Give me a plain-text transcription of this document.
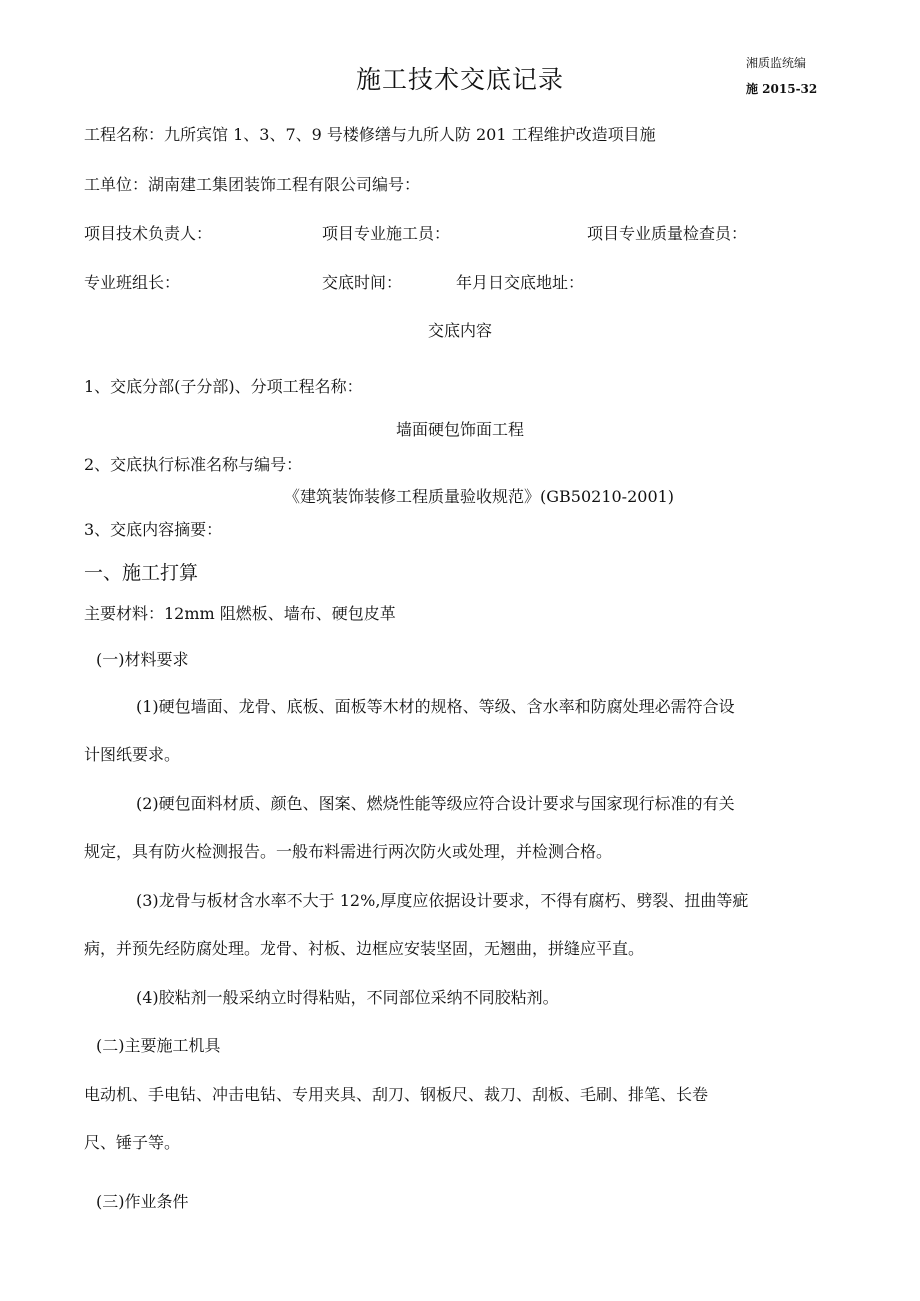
施工技术交底记录
湘质监统编
施 2015-32
工程名称：九所宾馆 1、3、7、9 号楼修缮与九所人防 201 工程维护改造项目施
工单位：湖南建工集团装饰工程有限公司编号：
项目技术负责人：	项目专业施工员：	项目专业质量检查员：
专业班组长：	交底时间：	年月日交底地址：
交底内容
1、交底分部(子分部)、分项工程名称：
墙面硬包饰面工程
2、交底执行标准名称与编号：
《建筑装饰装修工程质量验收规范》(GB50210-2001)
3、交底内容摘要：
一、施工打算
主要材料：12mm 阻燃板、墙布、硬包皮革
(一)材料要求
(1)硬包墙面、龙骨、底板、面板等木材的规格、等级、含水率和防腐处理必需符合设
计图纸要求。
(2)硬包面料材质、颜色、图案、燃烧性能等级应符合设计要求与国家现行标准的有关
规定，具有防火检测报告。一般布料需进行两次防火或处理，并检测合格。
(3)龙骨与板材含水率不大于 12%,厚度应依据设计要求，不得有腐朽、劈裂、扭曲等疵
病，并预先经防腐处理。龙骨、衬板、边框应安装坚固，无翘曲，拼缝应平直。
(4)胶粘剂一般采纳立时得粘贴，不同部位采纳不同胶粘剂。
(二)主要施工机具
电动机、手电钻、冲击电钻、专用夹具、刮刀、钢板尺、裁刀、刮板、毛刷、排笔、长卷
尺、锤子等。
(三)作业条件
